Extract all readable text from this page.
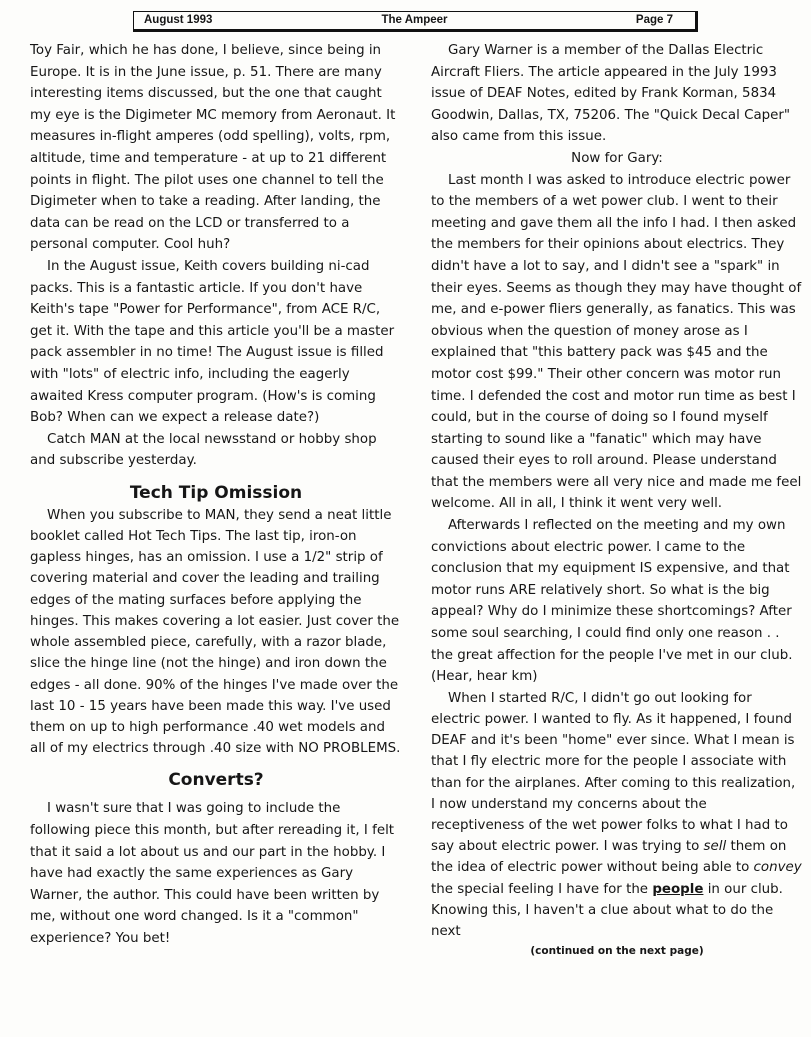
August 1993	The Ampeer	Page 7

Toy Fair, which he has done, I believe, since being in Europe. It is in the June issue, p. 51. There are many interesting items discussed, but the one that caught my eye is the Digimeter MC memory from Aeronaut. It measures in-flight amperes (odd spelling), volts, rpm, altitude, time and temperature - at up to 21 different points in flight. The pilot uses one channel to tell the Digimeter when to take a reading. After landing, the data can be read on the LCD or transferred to a personal computer. Cool huh?

In the August issue, Keith covers building ni-cad packs. This is a fantastic article. If you don't have Keith's tape "Power for Performance", from ACE R/C, get it. With the tape and this article you'll be a master pack assembler in no time! The August issue is filled with "lots" of electric info, including the eagerly awaited Kress computer program. (How's is coming Bob? When can we expect a release date?)

Catch MAN at the local newsstand or hobby shop and subscribe yesterday.

Tech Tip Omission

When you subscribe to MAN, they send a neat little booklet called Hot Tech Tips. The last tip, iron-on gapless hinges, has an omission. I use a 1/2" strip of covering material and cover the leading and trailing edges of the mating surfaces before applying the hinges. This makes covering a lot easier. Just cover the whole assembled piece, carefully, with a razor blade, slice the hinge line (not the hinge) and iron down the edges - all done. 90% of the hinges I've made over the last 10 - 15 years have been made this way. I've used them on up to high performance .40 wet models and all of my electrics through .40 size with NO PROBLEMS.

Converts?

I wasn't sure that I was going to include the following piece this month, but after rereading it, I felt that it said a lot about us and our part in the hobby. I have had exactly the same experiences as Gary Warner, the author. This could have been written by me, without one word changed. Is it a "common" experience? You bet!

Gary Warner is a member of the Dallas Electric Aircraft Fliers. The article appeared in the July 1993 issue of DEAF Notes, edited by Frank Korman, 5834 Goodwin, Dallas, TX, 75206. The "Quick Decal Caper" also came from this issue.

Now for Gary:

Last month I was asked to introduce electric power to the members of a wet power club. I went to their meeting and gave them all the info I had. I then asked the members for their opinions about electrics. They didn't have a lot to say, and I didn't see a "spark" in their eyes. Seems as though they may have thought of me, and e-power fliers generally, as fanatics. This was obvious when the question of money arose as I explained that "this battery pack was $45 and the motor cost $99." Their other concern was motor run time. I defended the cost and motor run time as best I could, but in the course of doing so I found myself starting to sound like a "fanatic" which may have caused their eyes to roll around. Please understand that the members were all very nice and made me feel welcome. All in all, I think it went very well.

Afterwards I reflected on the meeting and my own convictions about electric power. I came to the conclusion that my equipment IS expensive, and that motor runs ARE relatively short. So what is the big appeal? Why do I minimize these shortcomings? After some soul searching, I could find only one reason . . the great affection for the people I've met in our club. (Hear, hear km)

When I started R/C, I didn't go out looking for electric power. I wanted to fly. As it happened, I found DEAF and it's been "home" ever since. What I mean is that I fly electric more for the people I associate with than for the airplanes. After coming to this realization, I now understand my concerns about the receptiveness of the wet power folks to what I had to say about electric power. I was trying to sell them on the idea of electric power without being able to convey the special feeling I have for the people in our club. Knowing this, I haven't a clue about what to do the next

(continued on the next page)
